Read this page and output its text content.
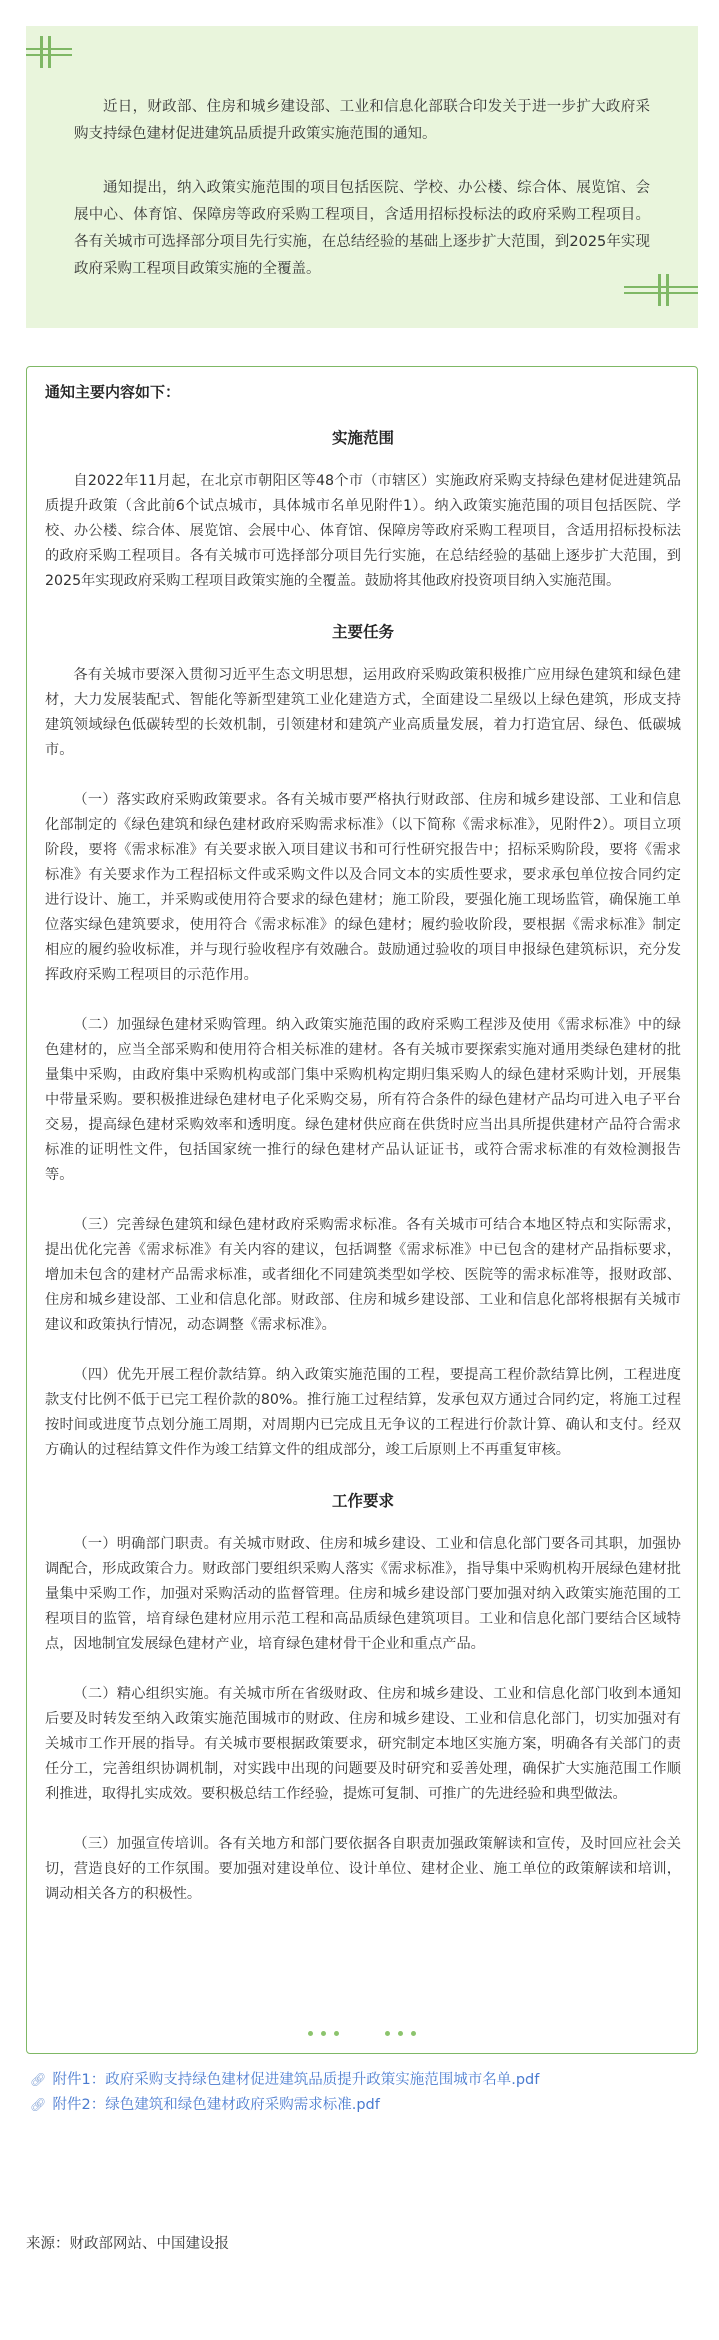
近日，财政部、住房和城乡建设部、工业和信息化部联合印发关于进一步扩大政府采购支持绿色建材促进建筑品质提升政策实施范围的通知。

通知提出，纳入政策实施范围的项目包括医院、学校、办公楼、综合体、展览馆、会展中心、体育馆、保障房等政府采购工程项目，含适用招标投标法的政府采购工程项目。各有关城市可选择部分项目先行实施，在总结经验的基础上逐步扩大范围，到2025年实现政府采购工程项目政策实施的全覆盖。

通知主要内容如下：
实施范围

自2022年11月起，在北京市朝阳区等48个市（市辖区）实施政府采购支持绿色建材促进建筑品质提升政策（含此前6个试点城市，具体城市名单见附件1）。纳入政策实施范围的项目包括医院、学校、办公楼、综合体、展览馆、会展中心、体育馆、保障房等政府采购工程项目，含适用招标投标法的政府采购工程项目。各有关城市可选择部分项目先行实施，在总结经验的基础上逐步扩大范围，到2025年实现政府采购工程项目政策实施的全覆盖。鼓励将其他政府投资项目纳入实施范围。

主要任务

各有关城市要深入贯彻习近平生态文明思想，运用政府采购政策积极推广应用绿色建筑和绿色建材，大力发展装配式、智能化等新型建筑工业化建造方式，全面建设二星级以上绿色建筑，形成支持建筑领域绿色低碳转型的长效机制，引领建材和建筑产业高质量发展，着力打造宜居、绿色、低碳城市。

（一）落实政府采购政策要求。各有关城市要严格执行财政部、住房和城乡建设部、工业和信息化部制定的《绿色建筑和绿色建材政府采购需求标准》（以下简称《需求标准》，见附件2）。项目立项阶段，要将《需求标准》有关要求嵌入项目建议书和可行性研究报告中；招标采购阶段，要将《需求标准》有关要求作为工程招标文件或采购文件以及合同文本的实质性要求，要求承包单位按合同约定进行设计、施工，并采购或使用符合要求的绿色建材；施工阶段，要强化施工现场监管，确保施工单位落实绿色建筑要求，使用符合《需求标准》的绿色建材；履约验收阶段，要根据《需求标准》制定相应的履约验收标准，并与现行验收程序有效融合。鼓励通过验收的项目申报绿色建筑标识，充分发挥政府采购工程项目的示范作用。

（二）加强绿色建材采购管理。纳入政策实施范围的政府采购工程涉及使用《需求标准》中的绿色建材的，应当全部采购和使用符合相关标准的建材。各有关城市要探索实施对通用类绿色建材的批量集中采购，由政府集中采购机构或部门集中采购机构定期归集采购人的绿色建材采购计划，开展集中带量采购。要积极推进绿色建材电子化采购交易，所有符合条件的绿色建材产品均可进入电子平台交易，提高绿色建材采购效率和透明度。绿色建材供应商在供货时应当出具所提供建材产品符合需求标准的证明性文件，包括国家统一推行的绿色建材产品认证证书，或符合需求标准的有效检测报告等。

（三）完善绿色建筑和绿色建材政府采购需求标准。各有关城市可结合本地区特点和实际需求，提出优化完善《需求标准》有关内容的建议，包括调整《需求标准》中已包含的建材产品指标要求，增加未包含的建材产品需求标准，或者细化不同建筑类型如学校、医院等的需求标准等，报财政部、住房和城乡建设部、工业和信息化部。财政部、住房和城乡建设部、工业和信息化部将根据有关城市建议和政策执行情况，动态调整《需求标准》。

（四）优先开展工程价款结算。纳入政策实施范围的工程，要提高工程价款结算比例，工程进度款支付比例不低于已完工程价款的80%。推行施工过程结算，发承包双方通过合同约定，将施工过程按时间或进度节点划分施工周期，对周期内已完成且无争议的工程进行价款计算、确认和支付。经双方确认的过程结算文件作为竣工结算文件的组成部分，竣工后原则上不再重复审核。

工作要求

（一）明确部门职责。有关城市财政、住房和城乡建设、工业和信息化部门要各司其职，加强协调配合，形成政策合力。财政部门要组织采购人落实《需求标准》，指导集中采购机构开展绿色建材批量集中采购工作，加强对采购活动的监督管理。住房和城乡建设部门要加强对纳入政策实施范围的工程项目的监管，培育绿色建材应用示范工程和高品质绿色建筑项目。工业和信息化部门要结合区域特点，因地制宜发展绿色建材产业，培育绿色建材骨干企业和重点产品。

（二）精心组织实施。有关城市所在省级财政、住房和城乡建设、工业和信息化部门收到本通知后要及时转发至纳入政策实施范围城市的财政、住房和城乡建设、工业和信息化部门，切实加强对有关城市工作开展的指导。有关城市要根据政策要求，研究制定本地区实施方案，明确各有关部门的责任分工，完善组织协调机制，对实践中出现的问题要及时研究和妥善处理，确保扩大实施范围工作顺利推进，取得扎实成效。要积极总结工作经验，提炼可复制、可推广的先进经验和典型做法。

（三）加强宣传培训。各有关地方和部门要依据各自职责加强政策解读和宣传，及时回应社会关切，营造良好的工作氛围。要加强对建设单位、设计单位、建材企业、施工单位的政策解读和培训，调动相关各方的积极性。

🔗︎ 附件1：政府采购支持绿色建材促进建筑品质提升政策实施范围城市名单.pdf
🔗︎ 附件2：绿色建筑和绿色建材政府采购需求标准.pdf
来源：财政部网站、中国建设报
